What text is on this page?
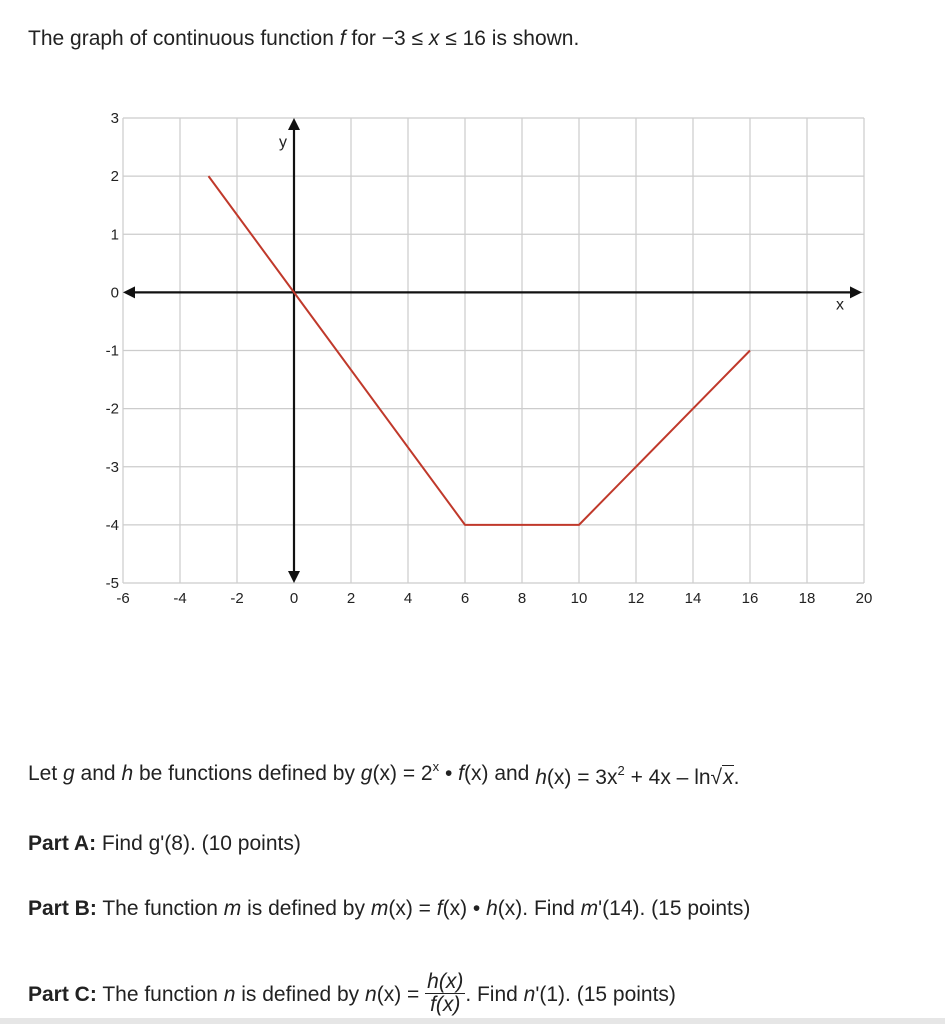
The graph of continuous function f for −3 ≤ x ≤ 16 is shown.
y
x
-6	-4	-2	0	2	4	6	8	10	12	14	16	18	20
3
2
1
0
-1
-2
-3
-4
-5
Let g and h be functions defined by $g(x) = 2^x$ • f(x) and $h(x) = 3x^2 + 4x - \ln√x$.
Part A: Find g'(8). (10 points)
Part B: The function m is defined by m(x) = f(x) • h(x). Find m'(14). (15 points)
Part C: The function n is defined by $n(x) = \frac{h(x)}{f(x)}$ . Find n'(1). (15 points)
